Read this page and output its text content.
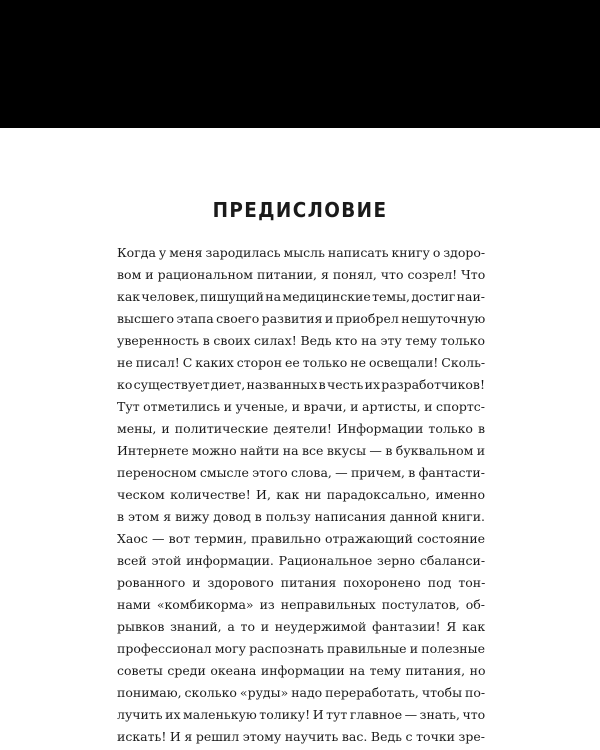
ПРЕДИСЛОВИЕ
Когда у меня зародилась мысль написать книгу о здоро-
вом и рациональном питании, я понял, что созрел! Что
как человек, пишущий на медицинские темы, достиг наи-
высшего этапа своего развития и приобрел нешуточную
уверенность в своих силах! Ведь кто на эту тему только
не писал! С каких сторон ее только не освещали! Сколь-
ко существует диет, названных в честь их разработчиков!
Тут отметились и ученые, и врачи, и артисты, и спортс-
мены, и политические деятели! Информации только в
Интернете можно найти на все вкусы — в буквальном и
переносном смысле этого слова, — причем, в фантасти-
ческом количестве! И, как ни парадоксально, именно
в этом я вижу довод в пользу написания данной книги.
Хаос — вот термин, правильно отражающий состояние
всей этой информации. Рациональное зерно сбаланси-
рованного и здорового питания похоронено под тон-
нами «комбикорма» из неправильных постулатов, об-
рывков знаний, а то и неудержимой фантазии! Я как
профессионал могу распознать правильные и полезные
советы среди океана информации на тему питания, но
понимаю, сколько «руды» надо переработать, чтобы по-
лучить их маленькую толику! И тут главное — знать, что
искать! И я решил этому научить вас. Ведь с точки зре-
